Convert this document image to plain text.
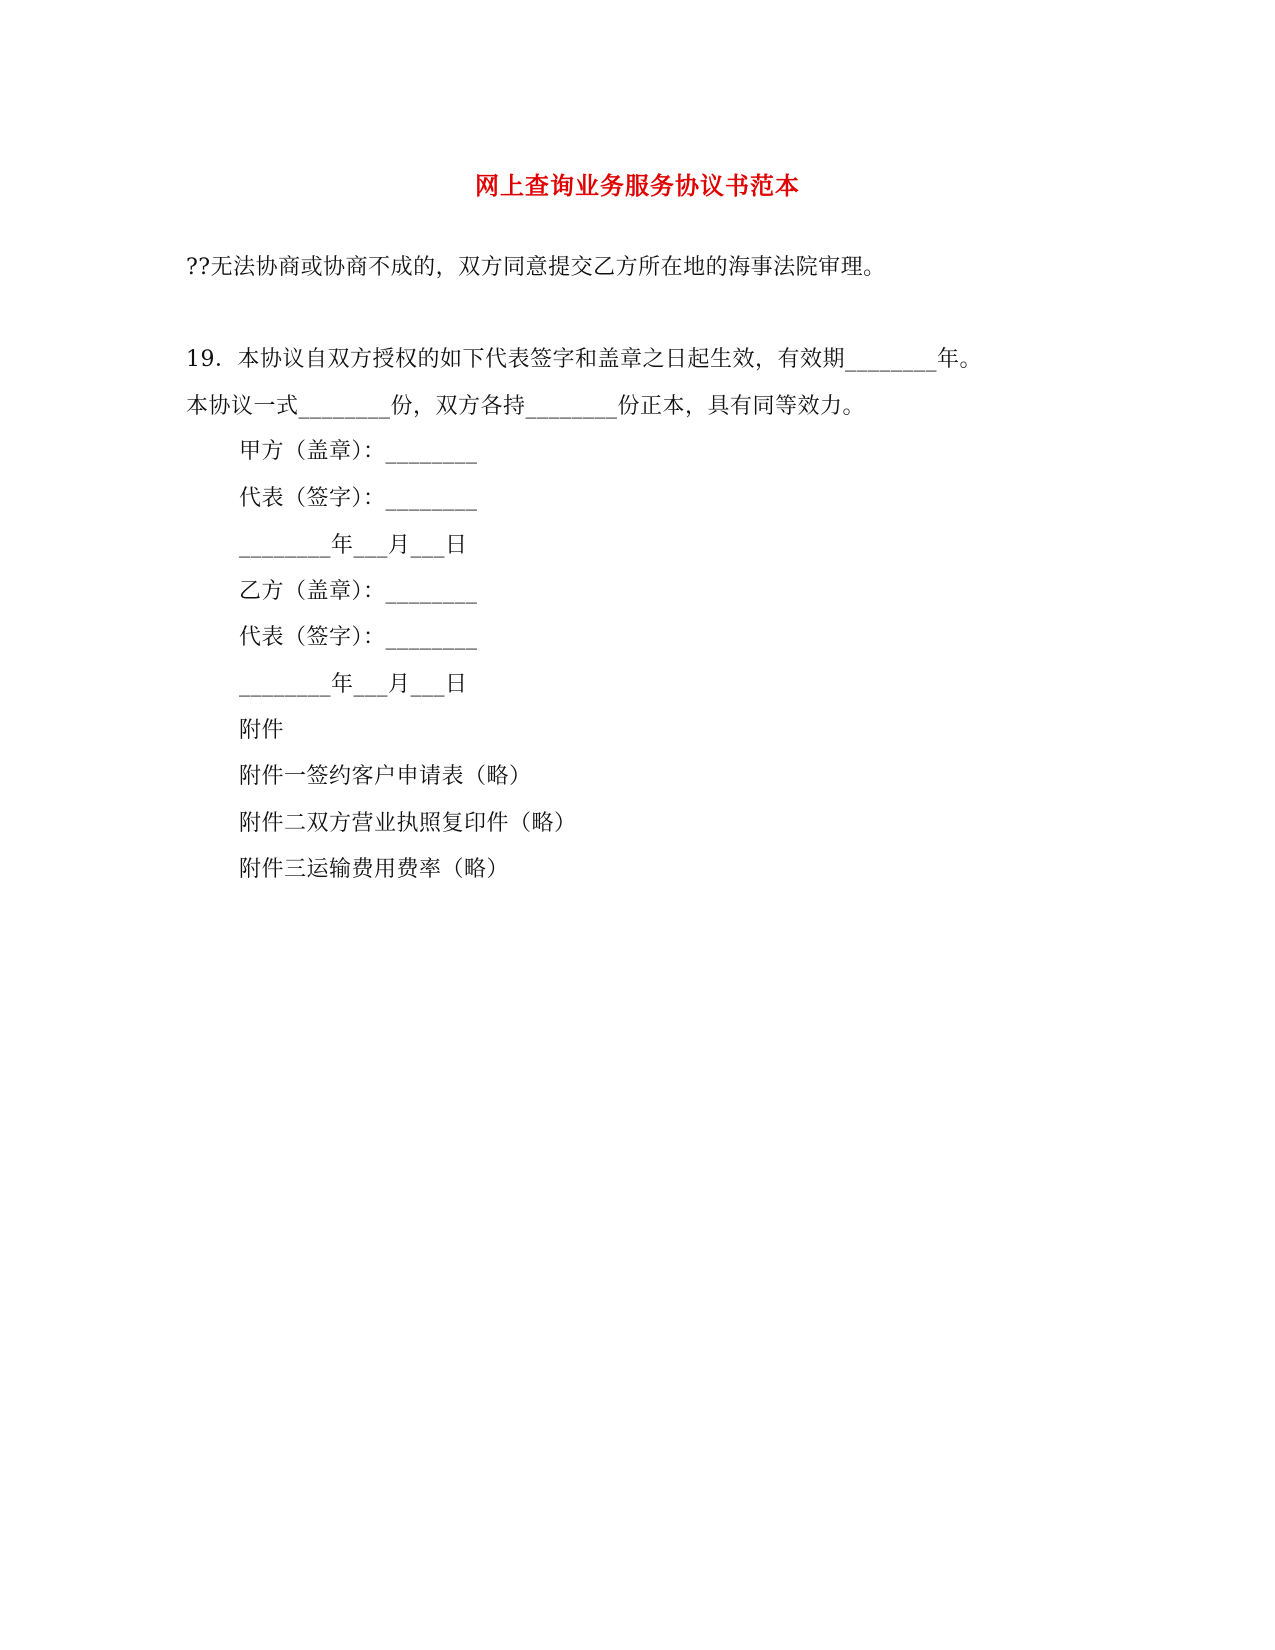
网上查询业务服务协议书范本
??无法协商或协商不成的，双方同意提交乙方所在地的海事法院审理。
19．本协议自双方授权的如下代表签字和盖章之日起生效，有效期________年。
本协议一式________份，双方各持________份正本，具有同等效力。
甲方（盖章）：________
代表（签字）：________
________年___月___日
乙方（盖章）：________
代表（签字）：________
________年___月___日
附件
附件一签约客户申请表（略）
附件二双方营业执照复印件（略）
附件三运输费用费率（略）
